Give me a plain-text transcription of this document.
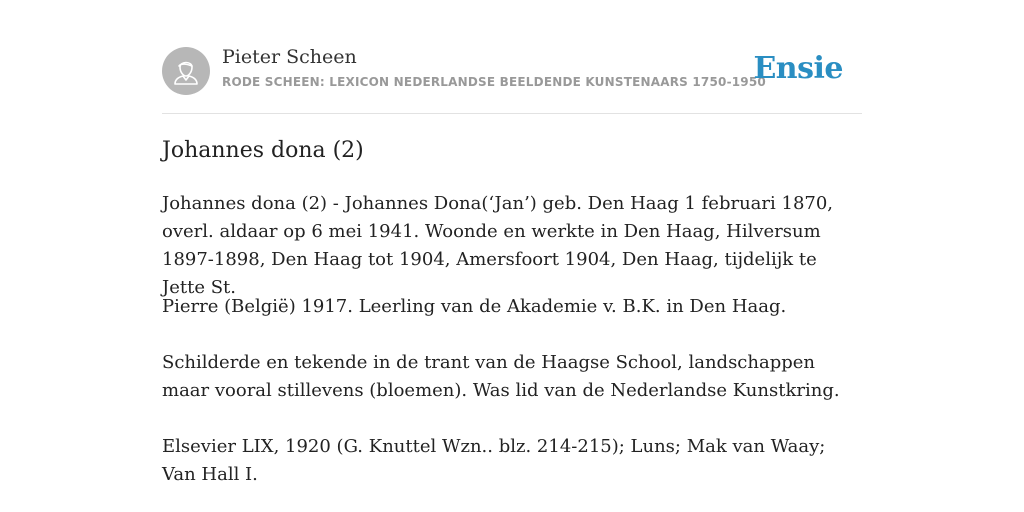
Pieter Scheen
RODE SCHEEN: LEXICON NEDERLANDSE BEELDENDE KUNSTENAARS 1750-1950
Ensie
Johannes dona (2)

Johannes dona (2) - Johannes Dona(‘Jan’) geb. Den Haag 1 februari 1870, overl. aldaar op 6 mei 1941. Woonde en werkte in Den Haag, Hilversum 1897-1898, Den Haag tot 1904, Amersfoort 1904, Den Haag, tijdelijk te Jette St.

Pierre (België) 1917. Leerling van de Akademie v. B.K. in Den Haag.

Schilderde en tekende in de trant van de Haagse School, landschappen maar vooral stillevens (bloemen). Was lid van de Nederlandse Kunstkring.

Elsevier LIX, 1920 (G. Knuttel Wzn.. blz. 214-215); Luns; Mak van Waay; Van Hall I.
